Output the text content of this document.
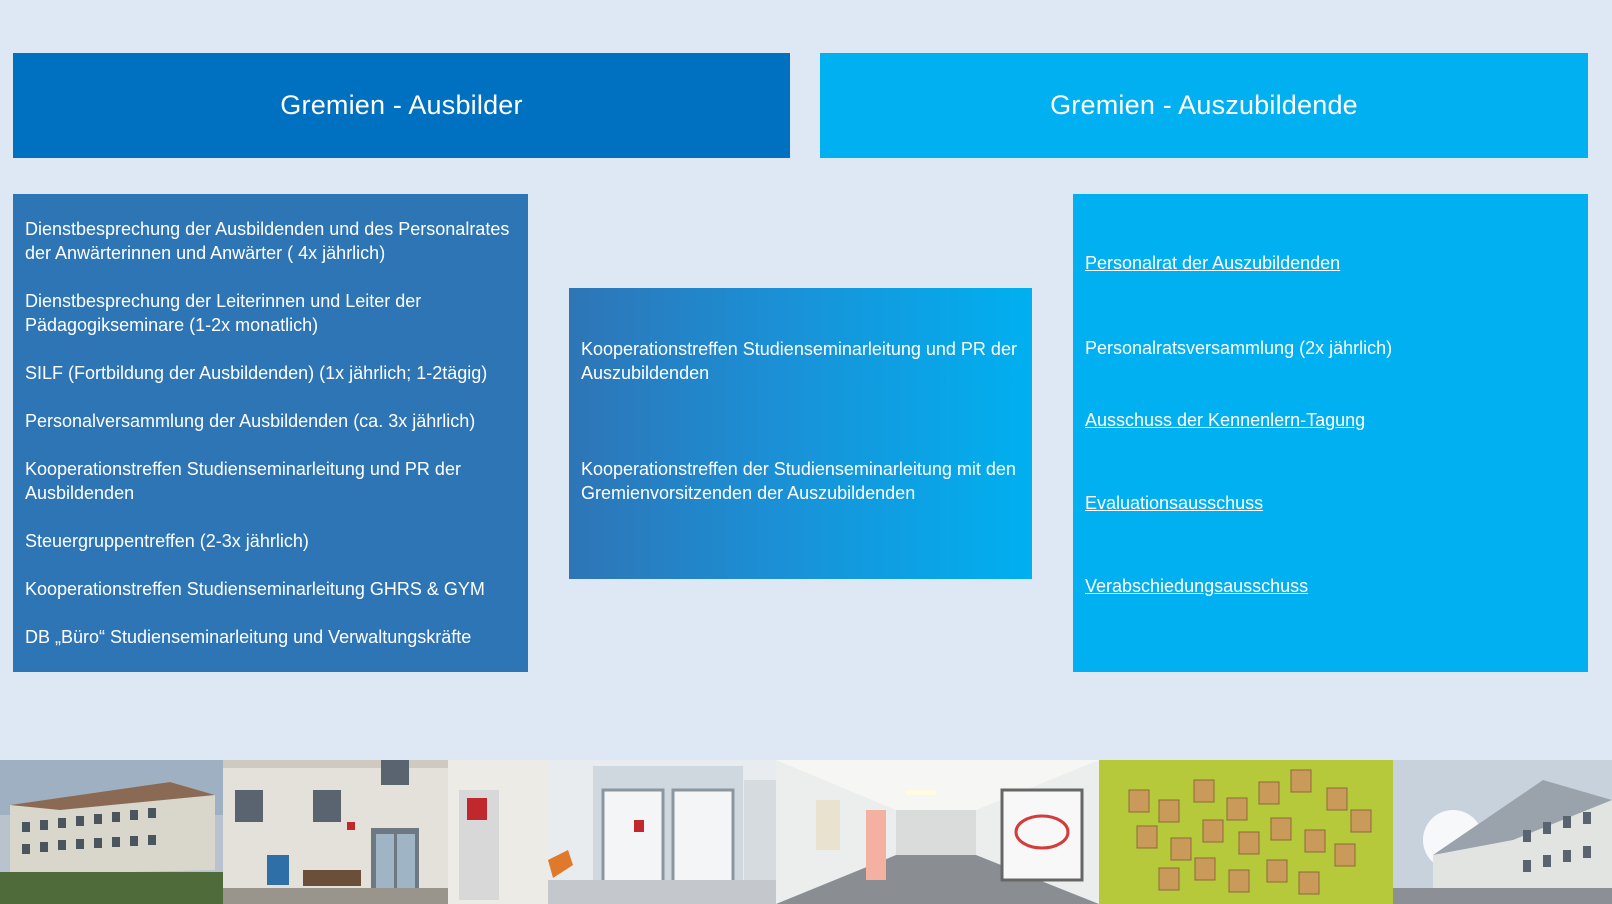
Gremien - Ausbilder	Gremien - Auszubildende
Dienstbesprechung der Ausbildenden und des Personalrates der Anwärterinnen und Anwärter ( 4x jährlich)
Dienstbesprechung der Leiterinnen und Leiter der Pädagogikseminare (1-2x monatlich)
SILF (Fortbildung der Ausbildenden) (1x jährlich; 1-2tägig)
Personalversammlung der Ausbildenden (ca. 3x jährlich)
Kooperationstreffen Studienseminarleitung und PR der Ausbildenden
Steuergruppentreffen (2-3x jährlich)
Kooperationstreffen Studienseminarleitung GHRS & GYM
DB „Büro“ Studienseminarleitung und Verwaltungskräfte
Kooperationstreffen Studienseminarleitung und PR der Auszubildenden
Kooperationstreffen der Studienseminarleitung mit den Gremienvorsitzenden der Auszubildenden
Personalrat der Auszubildenden
Personalratsversammlung (2x jährlich)
Ausschuss der Kennenlern-Tagung
Evaluationsausschuss
Verabschiedungsausschuss
